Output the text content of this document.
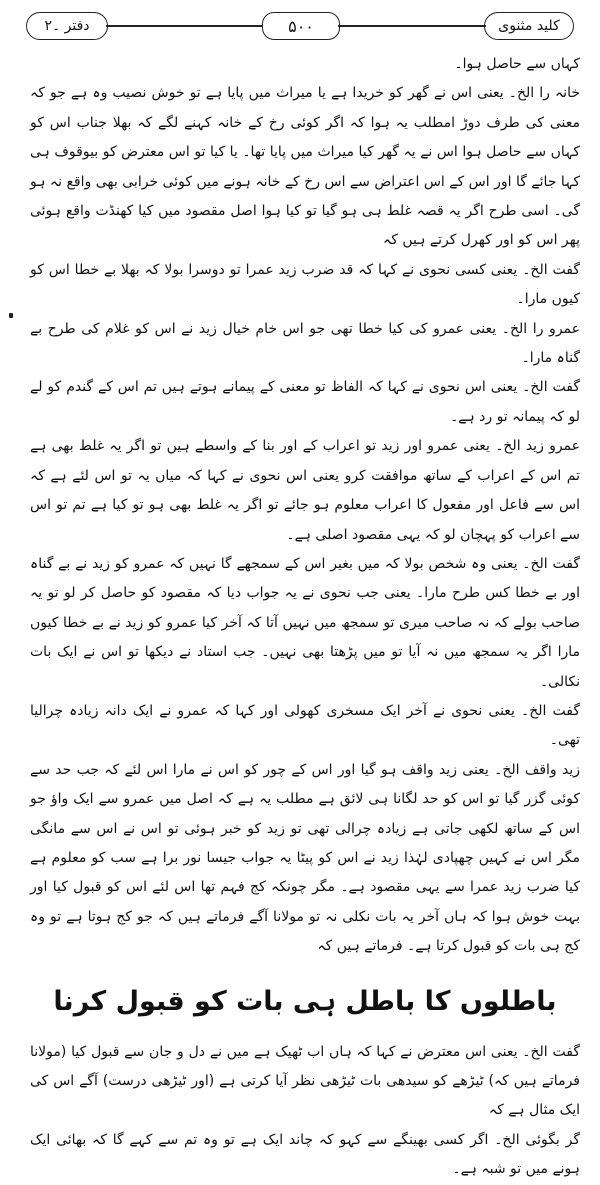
کلید مثنوی
۵۰۰
دفتر ۔۲

کہاں سے حاصل ہوا۔

خانہ را الخ۔ یعنی اس نے گھر کو خریدا ہے یا میراث میں پایا ہے تو خوش نصیب وہ ہے جو کہ معنی کی طرف دوڑ امطلب یہ ہوا کہ اگر کوئی رخ کے خانہ کہنے لگے کہ بھلا جناب اس کو کہاں سے حاصل ہوا اس نے یہ گھر کیا میراث میں پایا تھا۔ یا کیا تو اس معترض کو بیوقوف ہی کہا جائے گا اور اس کے اس اعتراض سے اس رخ کے خانہ ہونے میں کوئی خرابی بھی واقع نہ ہو گی۔ اسی طرح اگر یہ قصہ غلط ہی ہو گیا تو کیا ہوا اصل مقصود میں کیا کھنڈت واقع ہوئی پھر اس کو اور کھرل کرتے ہیں کہ

گفت الخ۔ یعنی کسی نحوی نے کہا کہ قد ضرب زید عمرا تو دوسرا بولا کہ بھلا بے خطا اس کو کیوں مارا۔

عمرو را الخ۔ یعنی عمرو کی کیا خطا تھی جو اس خام خیال زید نے اس کو غلام کی طرح بے گناہ مارا۔

گفت الخ۔ یعنی اس نحوی نے کہا کہ الفاظ تو معنی کے پیمانے ہوتے ہیں تم اس کے گندم کو لے لو کہ پیمانہ تو رد ہے۔

عمرو زید الخ۔ یعنی عمرو اور زید تو اعراب کے اور بنا کے واسطے ہیں تو اگر یہ غلط بھی ہے تم اس کے اعراب کے ساتھ موافقت کرو یعنی اس نحوی نے کہا کہ میاں یہ تو اس لئے ہے کہ اس سے فاعل اور مفعول کا اعراب معلوم ہو جائے تو اگر یہ غلط بھی ہو تو کیا ہے تم تو اس سے اعراب کو پہچان لو کہ یہی مقصود اصلی ہے۔

گفت الخ۔ یعنی وہ شخص بولا کہ میں بغیر اس کے سمجھے گا نہیں کہ عمرو کو زید نے بے گناہ اور بے خطا کس طرح مارا۔ یعنی جب نحوی نے یہ جواب دیا کہ مقصود کو حاصل کر لو تو یہ صاحب بولے کہ نہ صاحب میری تو سمجھ میں نہیں آتا کہ آخر کیا عمرو کو زید نے بے خطا کیوں مارا اگر یہ سمجھ میں نہ آیا تو میں پڑھتا بھی نہیں۔ جب استاد نے دیکھا تو اس نے ایک بات نکالی۔

گفت الخ۔ یعنی نحوی نے آخر ایک مسخری کھولی اور کہا کہ عمرو نے ایک دانہ زیادہ چرالیا تھی۔

زید واقف الخ۔ یعنی زید واقف ہو گیا اور اس کے چور کو اس نے مارا اس لئے کہ جب حد سے کوئی گزر گیا تو اس کو حد لگانا ہی لائق ہے مطلب یہ ہے کہ اصل میں عمرو سے ایک واؤ جو اس کے ساتھ لکھی جاتی ہے زیادہ چرالی تھی تو زید کو خبر ہوئی تو اس نے اس سے مانگی مگر اس نے کہیں چھپادی لہٰذا زید نے اس کو پیٹا یہ جواب جیسا نور برا ہے سب کو معلوم ہے کیا ضرب زید عمرا سے یہی مقصود ہے۔ مگر چونکہ کج فہم تھا اس لئے اس کو قبول کیا اور بہت خوش ہوا کہ ہاں آخر یہ بات نکلی نہ تو مولانا آگے فرماتے ہیں کہ جو کج ہوتا ہے تو وہ کج ہی بات کو قبول کرتا ہے۔ فرماتے ہیں کہ

باطلوں کا باطل ہی بات کو قبول کرنا

گفت الخ۔ یعنی اس معترض نے کہا کہ ہاں اب ٹھیک ہے میں نے دل و جان سے قبول کیا (مولانا فرماتے ہیں کہ) ٹیڑھے کو سیدھی بات ٹیڑھی نظر آیا کرتی ہے (اور ٹیڑھی درست) آگے اس کی ایک مثال ہے کہ

گر بگوئی الخ۔ اگر کسی بھینگے سے کہو کہ چاند ایک ہے تو وہ تم سے کہے گا کہ بھائی ایک ہونے میں تو شبہ ہے۔
